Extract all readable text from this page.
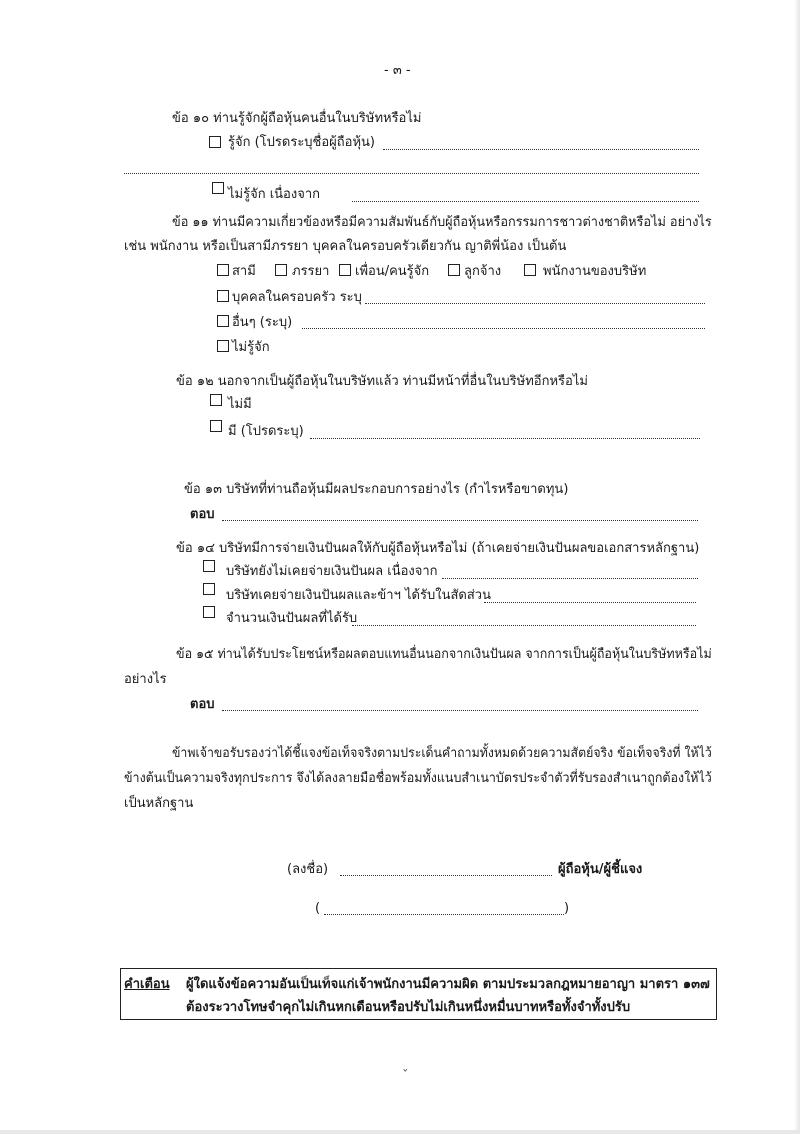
- ๓ -
ข้อ ๑๐ ท่านรู้จักผู้ถือหุ้นคนอื่นในบริษัทหรือไม่
รู้จัก (โปรดระบุชื่อผู้ถือหุ้น)
ไม่รู้จัก เนื่องจาก
ข้อ ๑๑ ท่านมีความเกี่ยวข้องหรือมีความสัมพันธ์กับผู้ถือหุ้นหรือกรรมการชาวต่างชาติหรือไม่ อย่างไร
เช่น พนักงาน หรือเป็นสามีภรรยา บุคคลในครอบครัวเดียวกัน ญาติพี่น้อง เป็นต้น
สามี	ภรรยา เพื่อน/คนรู้จัก	ลูกจ้าง	พนักงานของบริษัท
บุคคลในครอบครัว ระบุ
อื่นๆ (ระบุ)
ไม่รู้จัก
ข้อ ๑๒ นอกจากเป็นผู้ถือหุ้นในบริษัทแล้ว ท่านมีหน้าที่อื่นในบริษัทอีกหรือไม่
ไม่มี
มี (โปรดระบุ)
ข้อ ๑๓ บริษัทที่ท่านถือหุ้นมีผลประกอบการอย่างไร (กำไรหรือขาดทุน)
ตอบ
ข้อ ๑๔ บริษัทมีการจ่ายเงินปันผลให้กับผู้ถือหุ้นหรือไม่ (ถ้าเคยจ่ายเงินปันผลขอเอกสารหลักฐาน)
บริษัทยังไม่เคยจ่ายเงินปันผล เนื่องจาก
บริษัทเคยจ่ายเงินปันผลและข้าฯ ได้รับในสัดส่วน
จำนวนเงินปันผลที่ได้รับ
ข้อ ๑๕ ท่านได้รับประโยชน์หรือผลตอบแทนอื่นนอกจากเงินปันผล จากการเป็นผู้ถือหุ้นในบริษัทหรือไม่
อย่างไร
ตอบ
ข้าพเจ้าขอรับรองว่าได้ชี้แจงข้อเท็จจริงตามประเด็นคำถามทั้งหมดด้วยความสัตย์จริง ข้อเท็จจริงที่ ให้ไว้
ข้างต้นเป็นความจริงทุกประการ จึงได้ลงลายมือชื่อพร้อมทั้งแนบสำเนาบัตรประจำตัวที่รับรองสำเนาถูกต้องให้ไว้
เป็นหลักฐาน
(ลงชื่อ)	ผู้ถือหุ้น/ผู้ชี้แจง
(	)
คำเตือน ผู้ใดแจ้งข้อความอันเป็นเท็จแก่เจ้าพนักงานมีความผิด ตามประมวลกฎหมายอาญา มาตรา ๑๓๗
ต้องระวางโทษจำคุกไม่เกินหกเดือนหรือปรับไม่เกินหนึ่งหมื่นบาทหรือทั้งจำทั้งปรับ
ˇ
